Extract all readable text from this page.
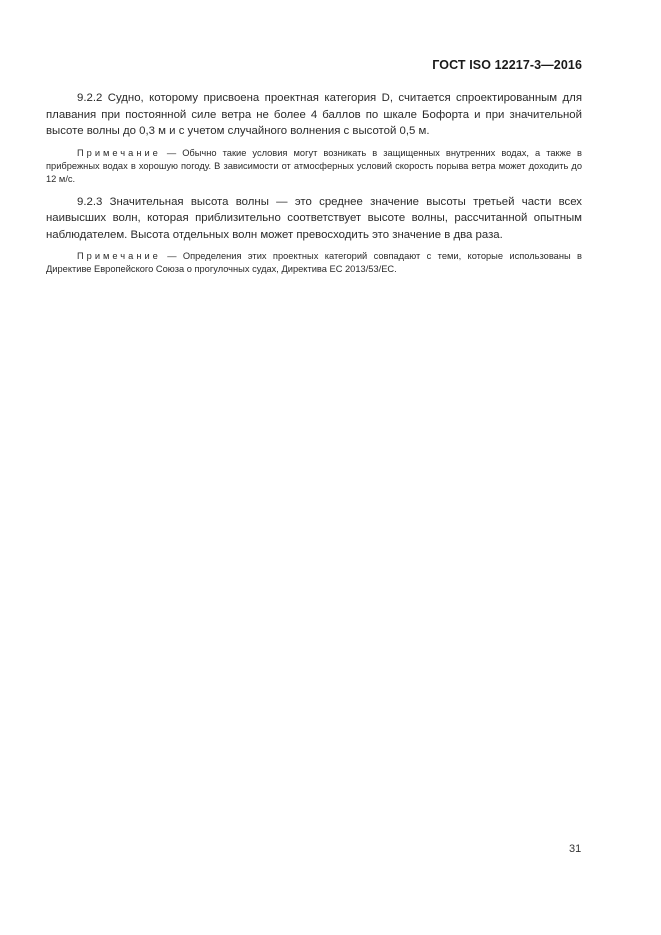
ГОСТ ISO 12217-3—2016

9.2.2 Судно, которому присвоена проектная категория D, считается спроектированным для плавания при постоянной силе ветра не более 4 баллов по шкале Бофорта и при значительной высоте волны до 0,3 м и с учетом случайного волнения с высотой 0,5 м.

Примечание — Обычно такие условия могут возникать в защищенных внутренних водах, а также в прибрежных водах в хорошую погоду. В зависимости от атмосферных условий скорость порыва ветра может доходить до 12 м/с.

9.2.3 Значительная высота волны — это среднее значение высоты третьей части всех наивысших волн, которая приблизительно соответствует высоте волны, рассчитанной опытным наблюдателем. Высота отдельных волн может превосходить это значение в два раза.

Примечание — Определения этих проектных категорий совпадают с теми, которые использованы в Директиве Европейского Союза о прогулочных судах, Директива ЕС 2013/53/ЕС.

31
